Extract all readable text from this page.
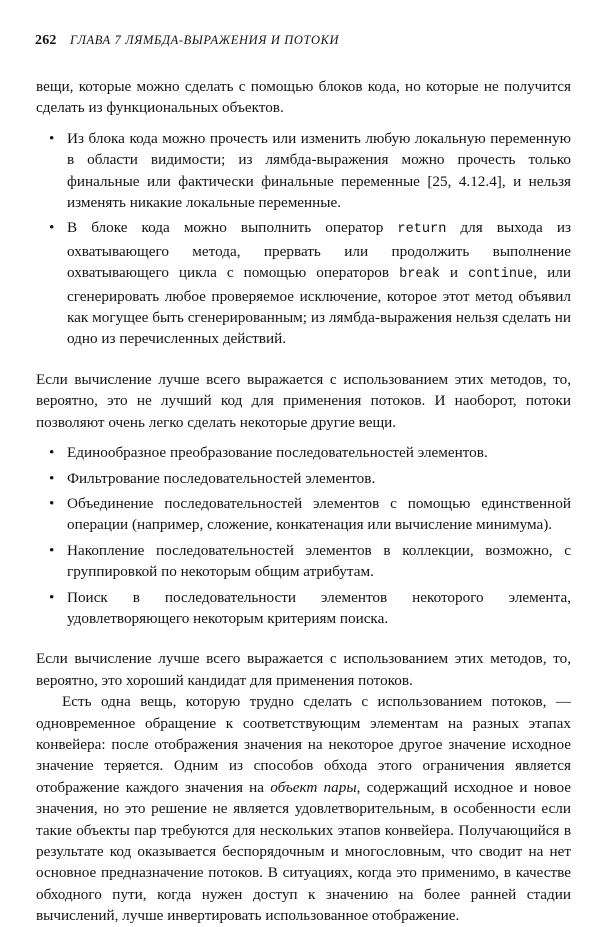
262 ГЛАВА 7 ЛЯМБДА-ВЫРАЖЕНИЯ И ПОТОКИ

вещи, которые можно сделать с помощью блоков кода, но которые не получится сделать из функциональных объектов.

• Из блока кода можно прочесть или изменить любую локальную переменную в области видимости; из лямбда-выражения можно прочесть только финальные или фактически финальные переменные [25, 4.12.4], и нельзя изменять никакие локальные переменные.
• В блоке кода можно выполнить оператор return для выхода из охватывающего метода, прервать или продолжить выполнение охватывающего цикла с помощью операторов break и continue, или сгенерировать любое проверяемое исключение, которое этот метод объявил как могущее быть сгенерированным; из лямбда-выражения нельзя сделать ни одно из перечисленных действий.

Если вычисление лучше всего выражается с использованием этих методов, то, вероятно, это не лучший код для применения потоков. И наоборот, потоки позволяют очень легко сделать некоторые другие вещи.

• Единообразное преобразование последовательностей элементов.
• Фильтрование последовательностей элементов.
• Объединение последовательностей элементов с помощью единственной операции (например, сложение, конкатенация или вычисление минимума).
• Накопление последовательностей элементов в коллекции, возможно, с группировкой по некоторым общим атрибутам.
• Поиск в последовательности элементов некоторого элемента, удовлетворяющего некоторым критериям поиска.

Если вычисление лучше всего выражается с использованием этих методов, то, вероятно, это хороший кандидат для применения потоков.

Есть одна вещь, которую трудно сделать с использованием потоков, — одновременное обращение к соответствующим элементам на разных этапах конвейера: после отображения значения на некоторое другое значение исходное значение теряется. Одним из способов обхода этого ограничения является отображение каждого значения на объект пары, содержащий исходное и новое значения, но это решение не является удовлетворительным, в особенности если такие объекты пар требуются для нескольких этапов конвейера. Получающийся в результате код оказывается беспорядочным и многословным, что сводит на нет основное предназначение потоков. В ситуациях, когда это применимо, в качестве обходного пути, когда нужен доступ к значению на более ранней стадии вычислений, лучше инвертировать использованное отображение.
